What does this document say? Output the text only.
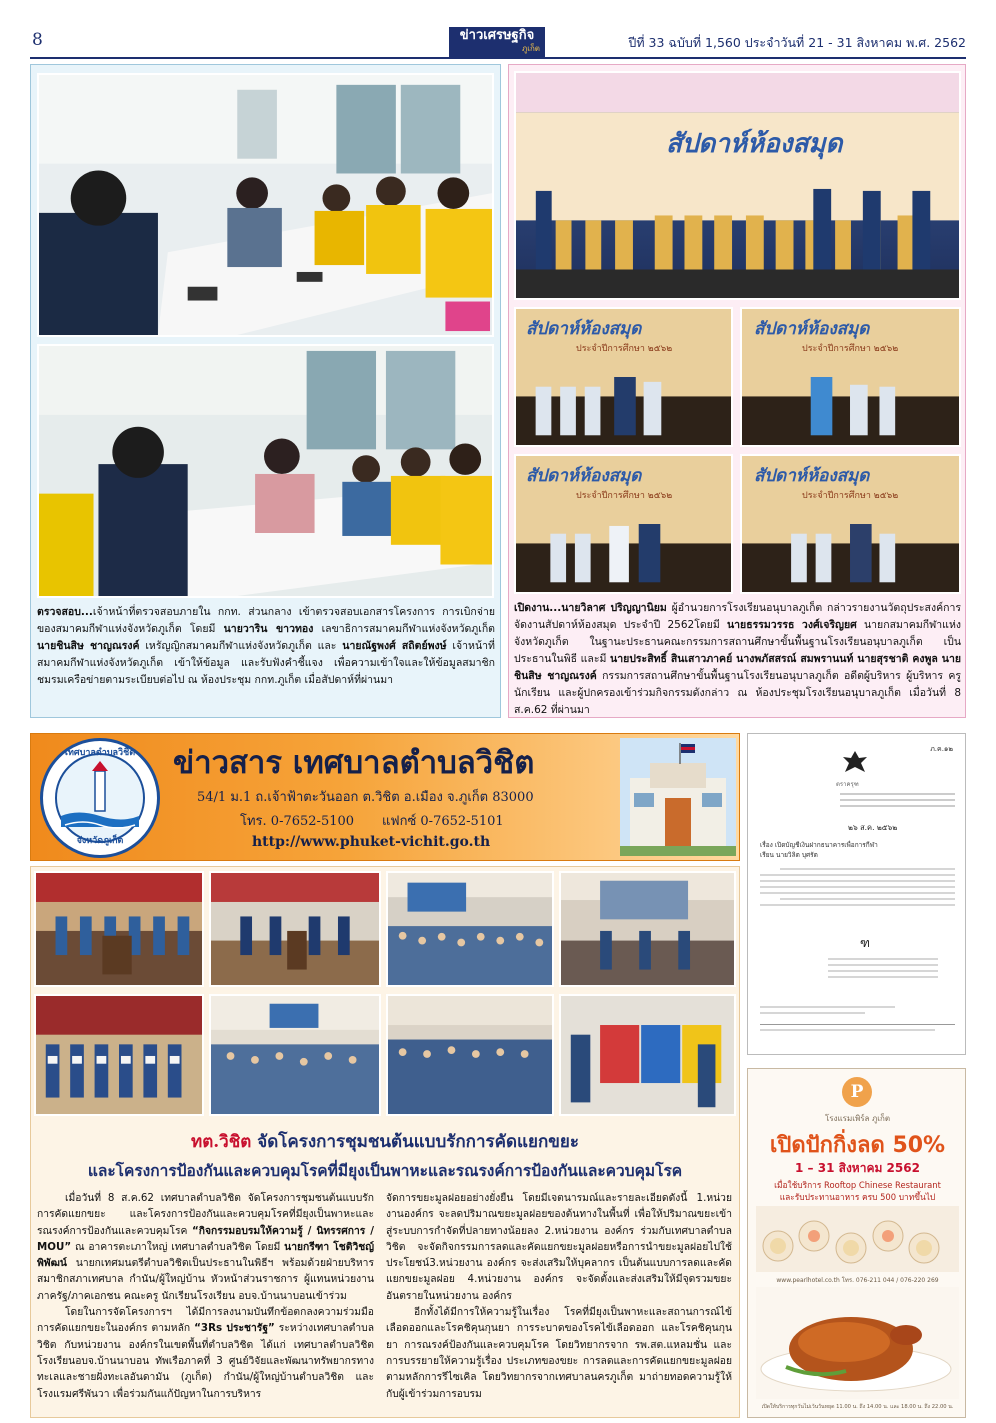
8	ข่าวเศรษฐกิจ
ภูเก็ต	ปีที่ 33 ฉบับที่ 1,560 ประจำวันที่ 21 - 31 สิงหาคม พ.ศ. 2562
ตรวจสอบ...เจ้าหน้าที่ตรวจสอบภายใน กกท. ส่วนกลาง เข้าตรวจสอบเอกสารโครงการ การเบิกจ่าย ของสมาคมกีฬาแห่งจังหวัดภูเก็ต โดยมี นายวาริน ขาวทอง เลขาธิการสมาคมกีฬาแห่งจังหวัดภูเก็ต นายชินสิษ ชาญณรงค์ เหรัญญิกสมาคมกีฬาแห่งจังหวัดภูเก็ต และ นายณัฐพงศ์ สถิตย์พงษ์ เจ้าหน้าที่สมาคมกีฬาแห่งจังหวัดภูเก็ต เข้าให้ข้อมูล และรับฟังคำชี้แจง เพื่อความเข้าใจและให้ข้อมูลสมาชิกชมรมเครือข่ายตามระเบียบต่อไป ณ ห้องประชุม กกท.ภูเก็ต เมื่อสัปดาห์ที่ผ่านมา
สัปดาห์ห้องสมุด
สัปดาห์ห้องสมุด
ประจำปีการศึกษา ๒๕๖๒
สัปดาห์ห้องสมุด
ประจำปีการศึกษา ๒๕๖๒
สัปดาห์ห้องสมุด
ประจำปีการศึกษา ๒๕๖๒
สัปดาห์ห้องสมุด
ประจำปีการศึกษา ๒๕๖๒
เปิดงาน...นายวิลาศ ปริญญานิยม ผู้อำนวยการโรงเรียนอนุบาลภูเก็ต กล่าวรายงานวัตถุประสงค์การจัดงานสัปดาห์ห้องสมุด ประจำปี 2562โดยมี นายธรรมวรรธ วงศ์เจริญยศ นายกสมาคมกีฬาแห่งจังหวัดภูเก็ต ในฐานะประธานคณะกรรมการสถานศึกษาขั้นพื้นฐานโรงเรียนอนุบาลภูเก็ต เป็นประธานในพิธี และมี นายประสิทธิ์ สินเสาวภาคย์ นางพภัสสรณ์ สมพรานนท์ นายสุรชาติ คงพูล นายชินสิษ ชาญณรงค์ กรรมการสถานศึกษาขั้นพื้นฐานโรงเรียนอนุบาลภูเก็ต อดีตผู้บริหาร ผู้บริหาร ครู นักเรียน และผู้ปกครองเข้าร่วมกิจกรรมดังกล่าว ณ ห้องประชุมโรงเรียนอนุบาลภูเก็ต เมื่อวันที่ 8 ส.ค.62 ที่ผ่านมา
เทศบาลตำบลวิชิต
จังหวัดภูเก็ต
ข่าวสาร เทศบาลตำบลวิชิต
54/1 ม.1 ถ.เจ้าฟ้าตะวันออก ต.วิชิต อ.เมือง จ.ภูเก็ต 83000
โทร. 0-7652-5100 แฟกซ์ 0-7652-5101
http://www.phuket-vichit.go.th
ทต.วิชิต จัดโครงการชุมชนต้นแบบรักการคัดแยกขยะ
และโครงการป้องกันและควบคุมโรคที่มียุงเป็นพาหะและรณรงค์การป้องกันและควบคุมโรค

เมื่อวันที่ 8 ส.ค.62 เทศบาลตำบลวิชิต จัดโครงการชุมชนต้นแบบรักการคัดแยกขยะ และโครงการป้องกันและควบคุมโรคที่มียุงเป็นพาหะและรณรงค์การป้องกันและควบคุมโรค “กิจกรรมอบรมให้ความรู้ / นิทรรศการ / MOU” ณ อาคารตะเภาใหญ่ เทศบาลตำบลวิชิต โดยมี นายกรีฑา โชติวิชญ์พิพัฒน์ นายกเทศมนตรีตำบลวิชิตเป็นประธานในพิธีฯ พร้อมด้วยฝ่ายบริหาร สมาชิกสภาเทศบาล กำนัน/ผู้ใหญ่บ้าน หัวหน้าส่วนราชการ ผู้แทนหน่วยงานภาครัฐ/ภาคเอกชน คณะครู นักเรียนโรงเรียน อบจ.บ้านนาบอนเข้าร่วม

โดยในการจัดโครงการฯ ได้มีการลงนามบันทึกข้อตกลงความร่วมมือ การคัดแยกขยะในองค์กร ตามหลัก “3Rs ประชารัฐ” ระหว่างเทศบาลตำบลวิชิต กับหน่วยงาน องค์กรในเขตพื้นที่ตำบลวิชิต ได้แก่ เทศบาลตำบลวิชิต โรงเรียนอบจ.บ้านนาบอน ทัพเรือภาคที่ 3 ศูนย์วิจัยและพัฒนาทรัพยากรทางทะเลและชายฝั่งทะเลอันดามัน (ภูเก็ต) กำนัน/ผู้ใหญ่บ้านตำบลวิชิต และโรงแรมศรีพันวา เพื่อร่วมกันแก้ปัญหาในการบริหาร

จัดการขยะมูลฝอยอย่างยั่งยืน โดยมีเจตนารมณ์และรายละเอียดดังนี้ 1.หน่วยงานองค์กร จะลดปริมาณขยะมูลฝอยของต้นทางในพื้นที่ เพื่อให้ปริมาณขยะเข้าสู่ระบบการกำจัดที่ปลายทางน้อยลง 2.หน่วยงาน องค์กร ร่วมกับเทศบาลตำบลวิชิต จะจัดกิจกรรมการลดและคัดแยกขยะมูลฝอยหรือการนำขยะมูลฝอยไปใช้ประโยชน์3.หน่วยงาน องค์กร จะส่งเสริมให้บุคลากร เป็นต้นแบบการลดและคัดแยกขยะมูลฝอย 4.หน่วยงาน องค์กร จะจัดตั้งและส่งเสริมให้มีจุดรวมขยะอันตรายในหน่วยงาน องค์กร

อีกทั้งได้มีการให้ความรู้ในเรื่อง โรคที่มียุงเป็นพาหะและสถานการณ์ไข้เลือดออกและโรคชิคุนกุนยา การระบาดของโรคไข้เลือดออก และโรคชิคุนกุนยา การณรงค์ป้องกันและควบคุมโรค โดยวิทยากรจาก รพ.สต.แหลมชั่น และการบรรยายให้ความรู้เรื่อง ประเภทของขยะ การลดและการคัดแยกขยะมูลฝอยตามหลักการรีไซเคิล โดยวิทยากรจากเทศบาลนครภูเก็ต มาถ่ายทอดความรู้ให้กับผู้เข้าร่วมการอบรม

ภ.ค.๑๒
ตราครุฑ
๒๖ ส.ค. ๒๕๖๒
เรื่อง เปิดบัญชีเงินฝากธนาคารเพื่อการกีฬา
เรียน นายวิลิต บุศรัต
ฑ
P
โรงแรมเพิร์ล ภูเก็ต
เปิดปักกิ่งลด 50%
1 – 31 สิงหาคม 2562
เมื่อใช้บริการ Rooftop Chinese Restaurant
และรับประทานอาหาร ครบ 500 บาทขึ้นไป
www.pearlhotel.co.th โทร. 076-211 044 / 076-220 269
เปิดให้บริการทุกวันไม่เว้นวันหยุด 11.00 น. ถึง 14.00 น. และ 18.00 น. ถึง 22.00 น.
